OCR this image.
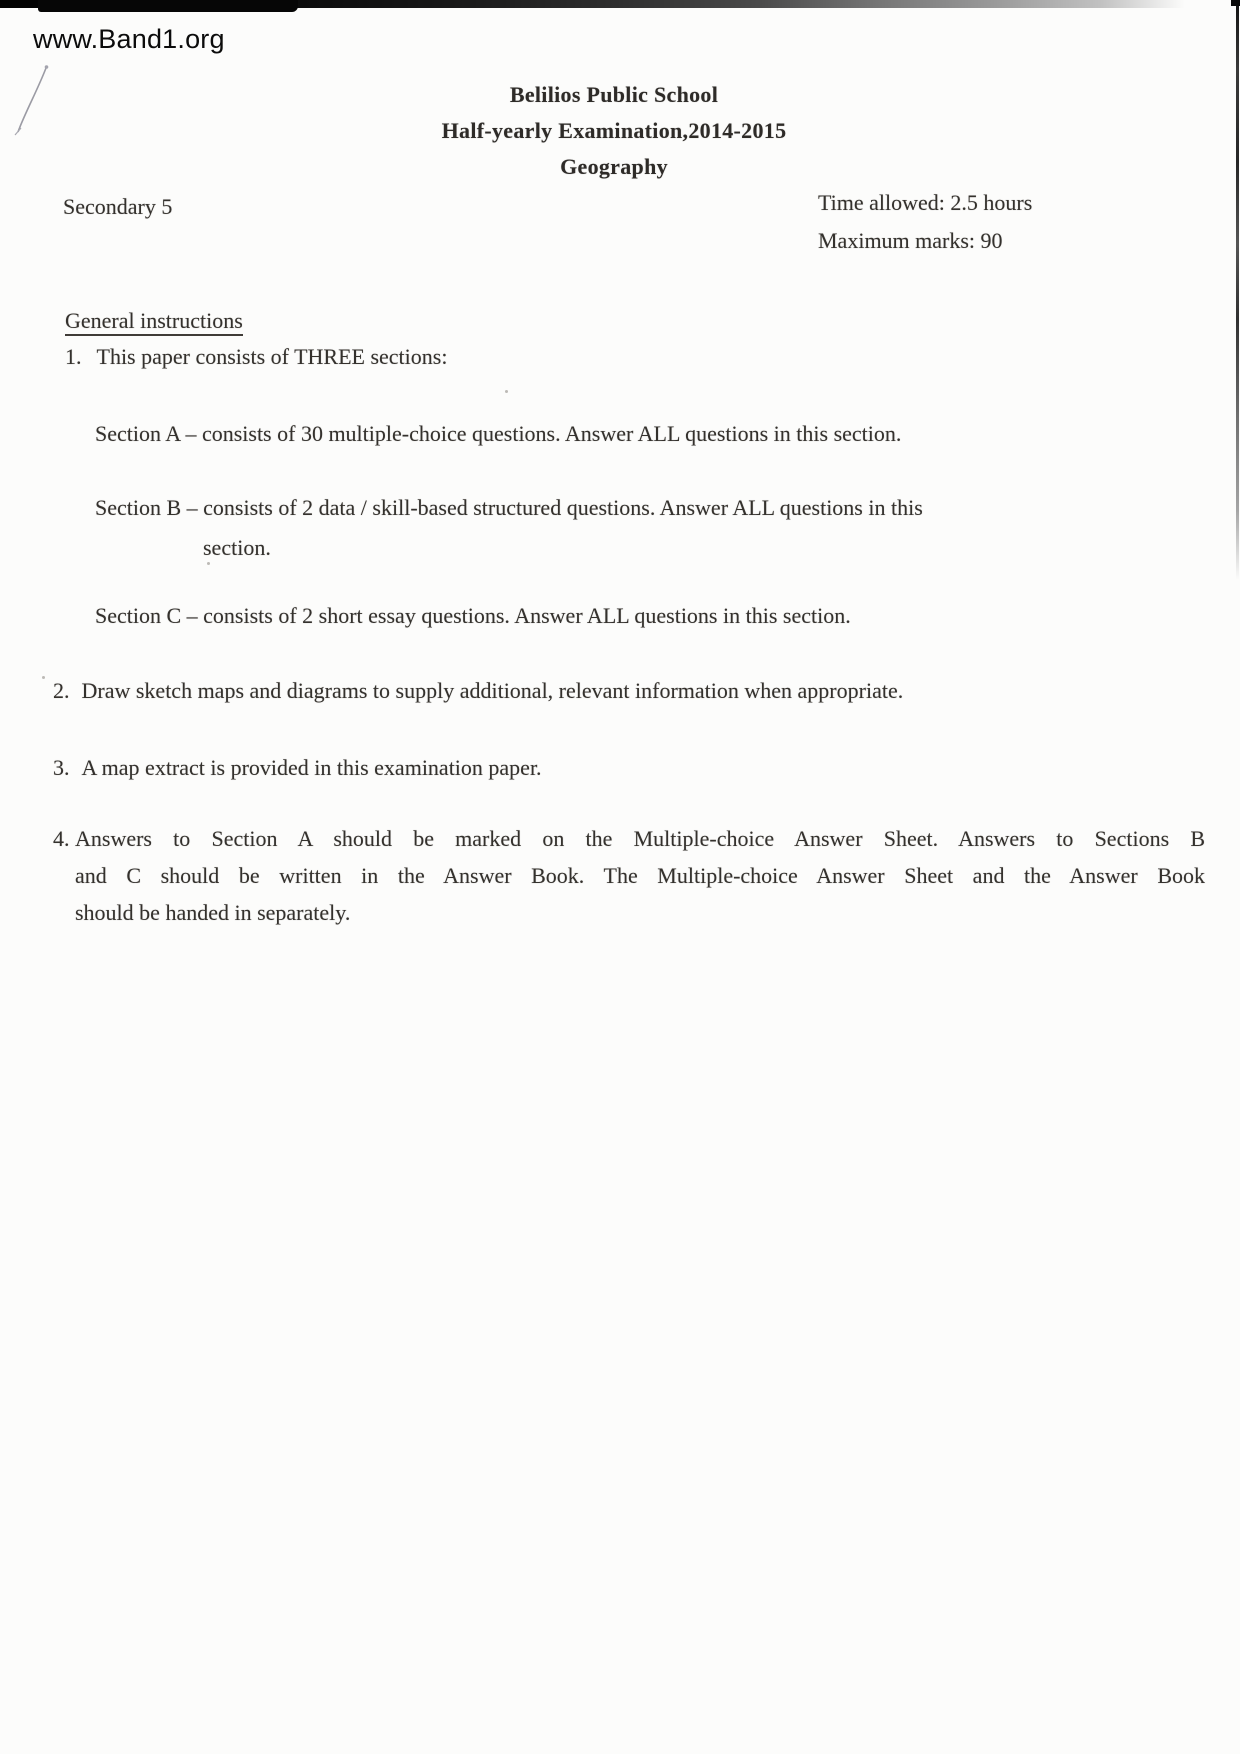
www.Band1.org
Belilios Public School
Half-yearly Examination,2014-2015
Geography
Secondary 5	Time allowed: 2.5 hours
Maximum marks: 90
General instructions
1. This paper consists of THREE sections:
Section A – consists of 30 multiple-choice questions. Answer ALL questions in this section.
Section B – consists of 2 data / skill-based structured questions. Answer ALL questions in this
section.
Section C – consists of 2 short essay questions. Answer ALL questions in this section.
2. Draw sketch maps and diagrams to supply additional, relevant information when appropriate.
3. A map extract is provided in this examination paper.
4. Answers to Section A should be marked on the Multiple-choice Answer Sheet. Answers to Sections B
and C should be written in the Answer Book. The Multiple-choice Answer Sheet and the Answer Book
should be handed in separately.
